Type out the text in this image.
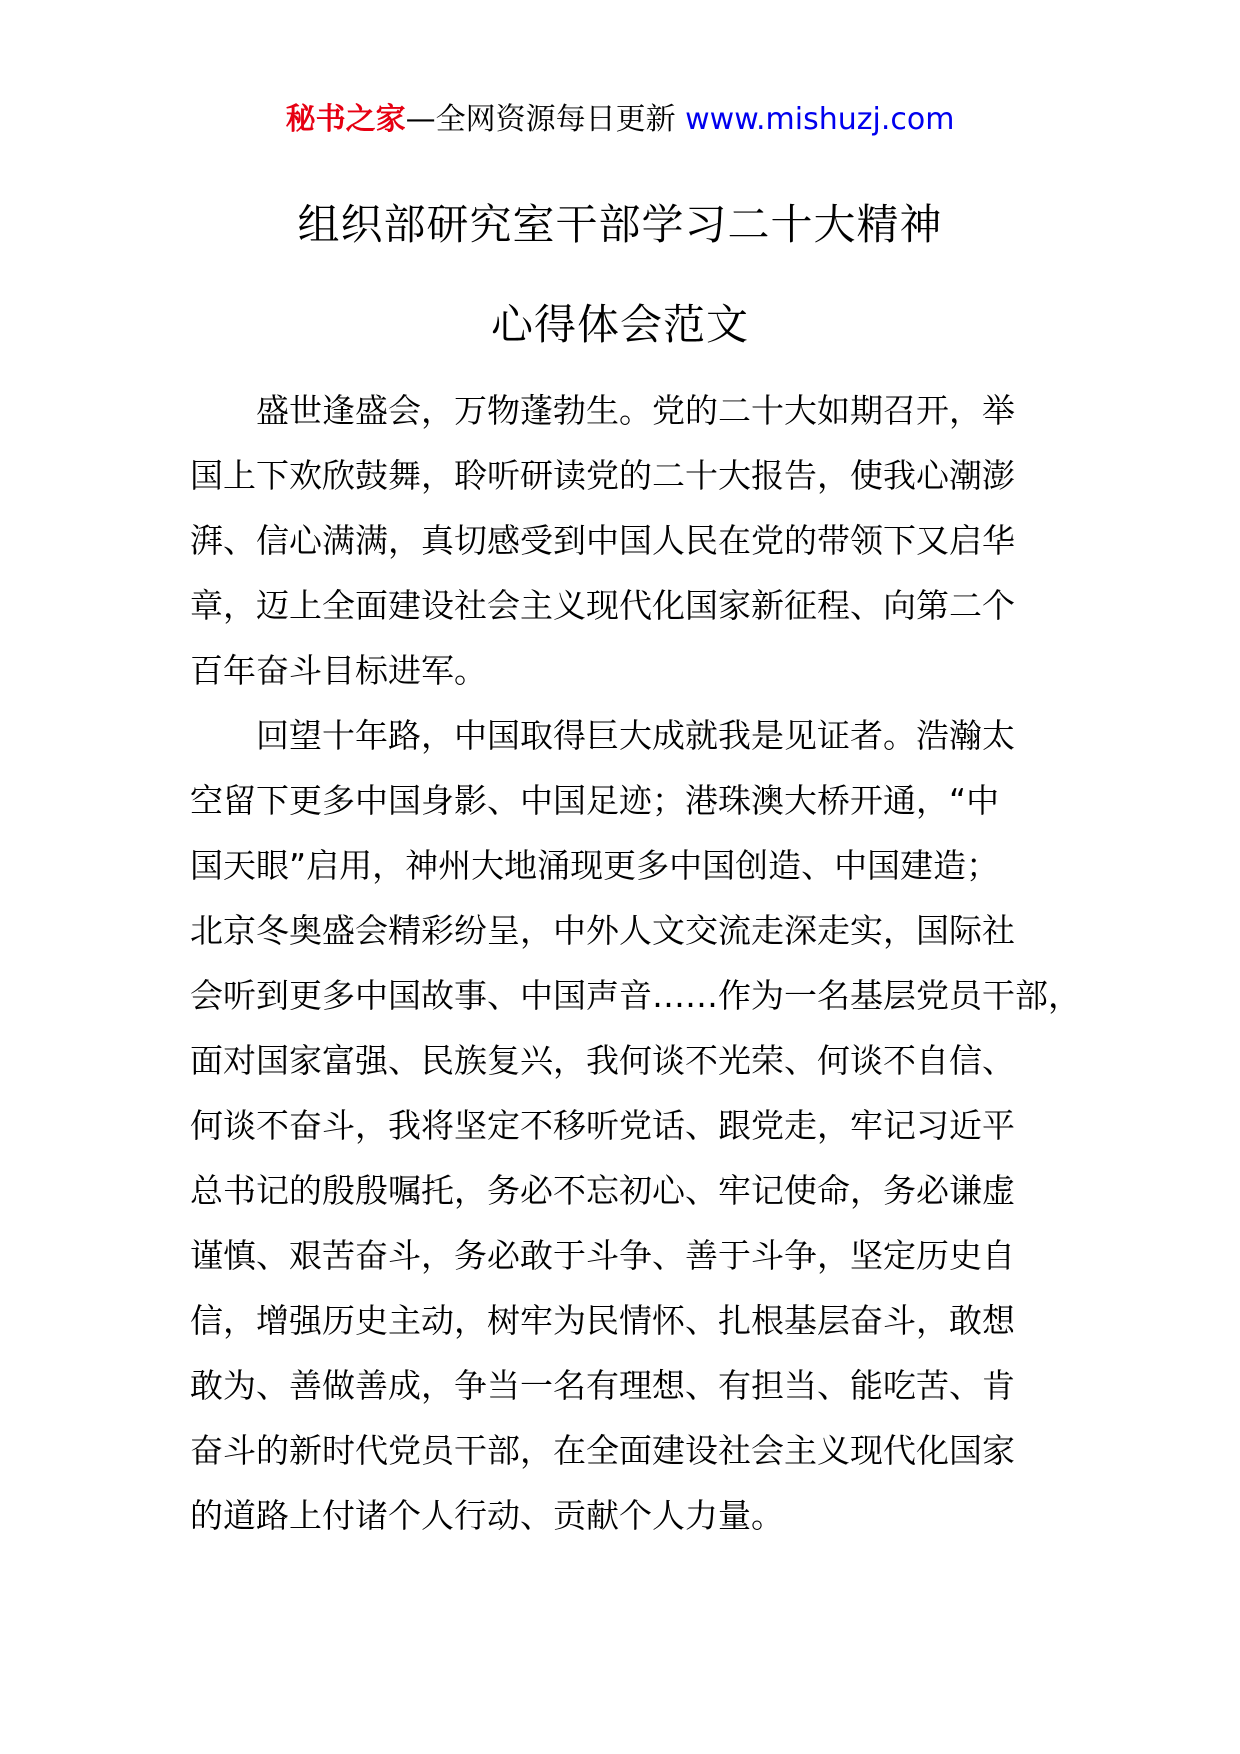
秘书之家—全网资源每日更新 www.mishuzj.com
组织部研究室干部学习二十大精神
心得体会范文
盛世逢盛会，万物蓬勃生。党的二十大如期召开，举
国上下欢欣鼓舞，聆听研读党的二十大报告，使我心潮澎
湃、信心满满，真切感受到中国人民在党的带领下又启华
章，迈上全面建设社会主义现代化国家新征程、向第二个
百年奋斗目标进军。
回望十年路，中国取得巨大成就我是见证者。浩瀚太
空留下更多中国身影、中国足迹；港珠澳大桥开通，“中
国天眼”启用，神州大地涌现更多中国创造、中国建造；
北京冬奥盛会精彩纷呈，中外人文交流走深走实，国际社
会听到更多中国故事、中国声音……作为一名基层党员干部，
面对国家富强、民族复兴，我何谈不光荣、何谈不自信、
何谈不奋斗，我将坚定不移听党话、跟党走，牢记习近平
总书记的殷殷嘱托，务必不忘初心、牢记使命，务必谦虚
谨慎、艰苦奋斗，务必敢于斗争、善于斗争，坚定历史自
信，增强历史主动，树牢为民情怀、扎根基层奋斗，敢想
敢为、善做善成，争当一名有理想、有担当、能吃苦、肯
奋斗的新时代党员干部，在全面建设社会主义现代化国家
的道路上付诸个人行动、贡献个人力量。
